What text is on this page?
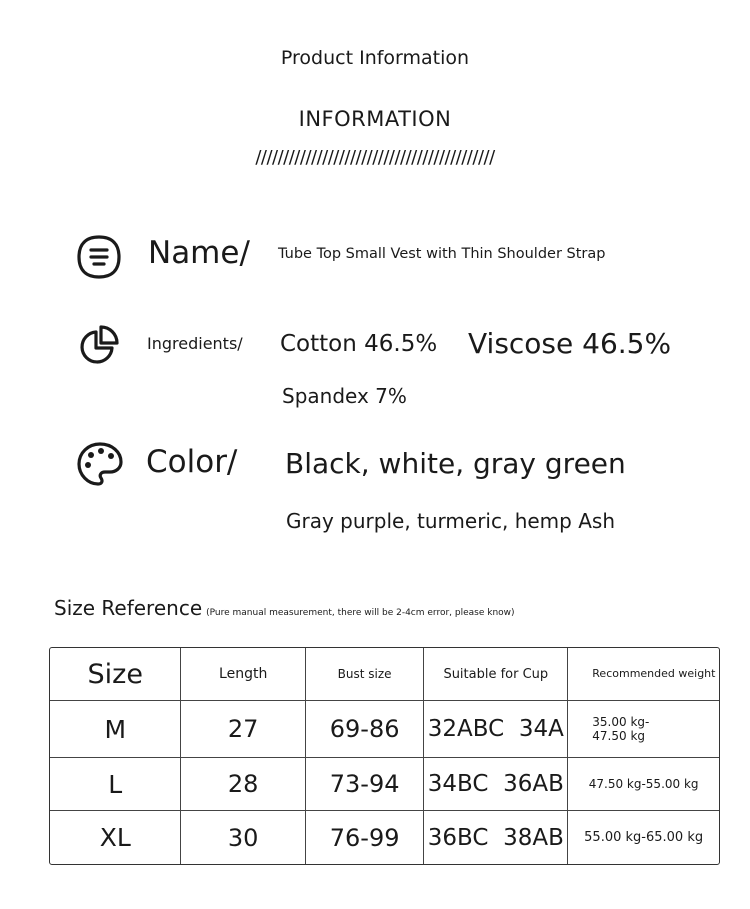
Product Information
INFORMATION
///////////////////////////////////////////
Name/ Tube Top Small Vest with Thin Shoulder Strap
Ingredients/ Cotton 46.5% Viscose 46.5%
Spandex 7%
Color/ Black, white, gray green
Gray purple, turmeric, hemp Ash
Size Reference (Pure manual measurement, there will be 2-4cm error, please know)
Size	Length	Bust size	Suitable for Cup	Recommended weight
M	27	69-86	32ABC  34A	35.00 kg-47.50 kg
L	28	73-94	34BC  36AB	47.50 kg-55.00 kg
XL	30	76-99	36BC  38AB	55.00 kg-65.00 kg
